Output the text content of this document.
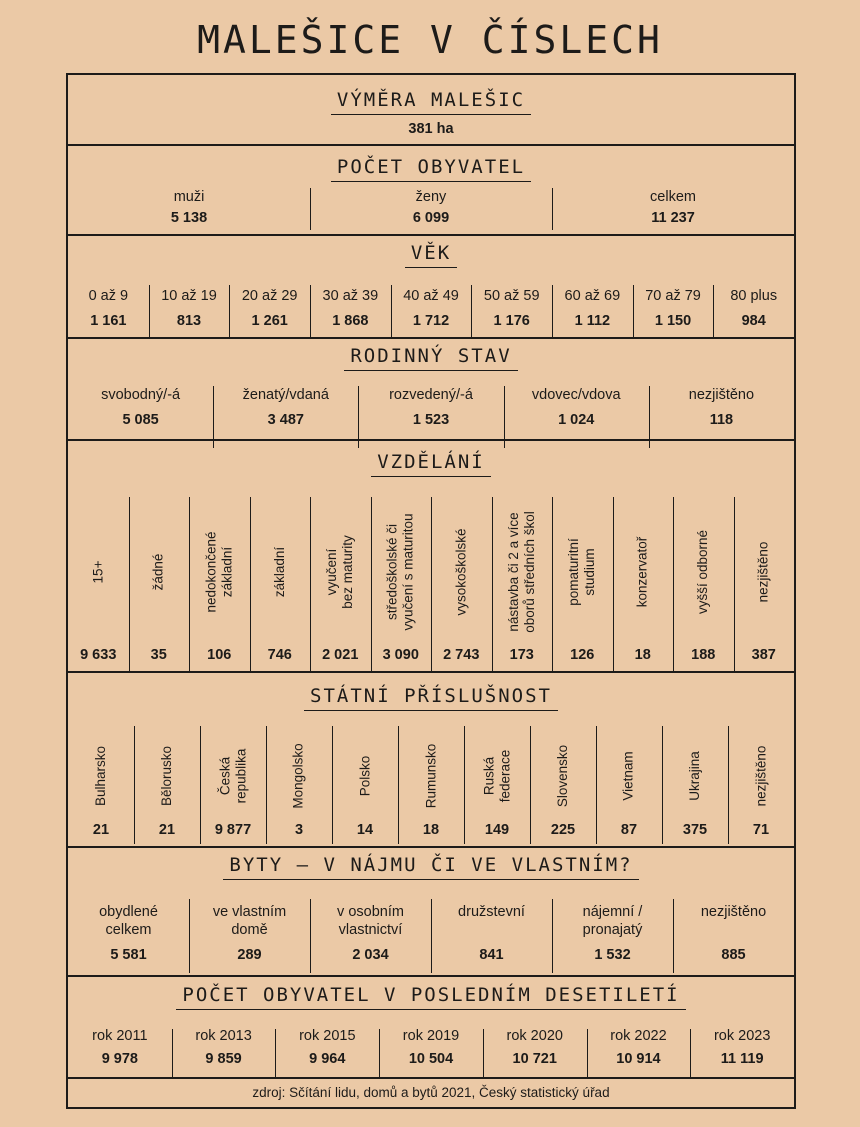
MALEŠICE V ČÍSLECH
VÝMĚRA MALEŠIC
381 ha
POČET OBYVATEL
muži
5 138
ženy
6 099
celkem
11 237
VĚK
0 až 9
1 161
10 až 19
813
20 až 29
1 261
30 až 39
1 868
40 až 49
1 712
50 až 59
1 176
60 až 69
1 112
70 až 79
1 150
80 plus
984
RODINNÝ STAV
svobodný/-á
5 085
ženatý/vdaná
3 487
rozvedený/-á
1 523
vdovec/vdova
1 024
nezjištěno
118
VZDĚLÁNÍ
15+
9 633
žádné
35
nedokončené
základní
106
základní
746
vyučení
bez maturity
2 021
středoškolské či
vyučení s maturitou
3 090
vysokoškolské
2 743
nástavba či 2 a více
oborů středních škol
173
pomaturitní
studium
126
konzervatoř
18
vyšší odborné
188
nezjištěno
387
STÁTNÍ PŘÍSLUŠNOST
Bulharsko
21
Bělorusko
21
Česká
republika
9 877
Mongolsko
3
Polsko
14
Rumunsko
18
Ruská
federace
149
Slovensko
225
Vietnam
87
Ukrajina
375
nezjištěno
71
BYTY – V NÁJMU ČI VE VLASTNÍM?
obydlené
celkem
5 581
ve vlastním
domě
289
v osobním
vlastnictví
2 034
družstevní
841
nájemní /
pronajatý
1 532
nezjištěno
885
POČET OBYVATEL V POSLEDNÍM DESETILETÍ
rok 2011
9 978
rok 2013
9 859
rok 2015
9 964
rok 2019
10 504
rok 2020
10 721
rok 2022
10 914
rok 2023
11 119
zdroj: Sčítání lidu, domů a bytů 2021, Český statistický úřad
